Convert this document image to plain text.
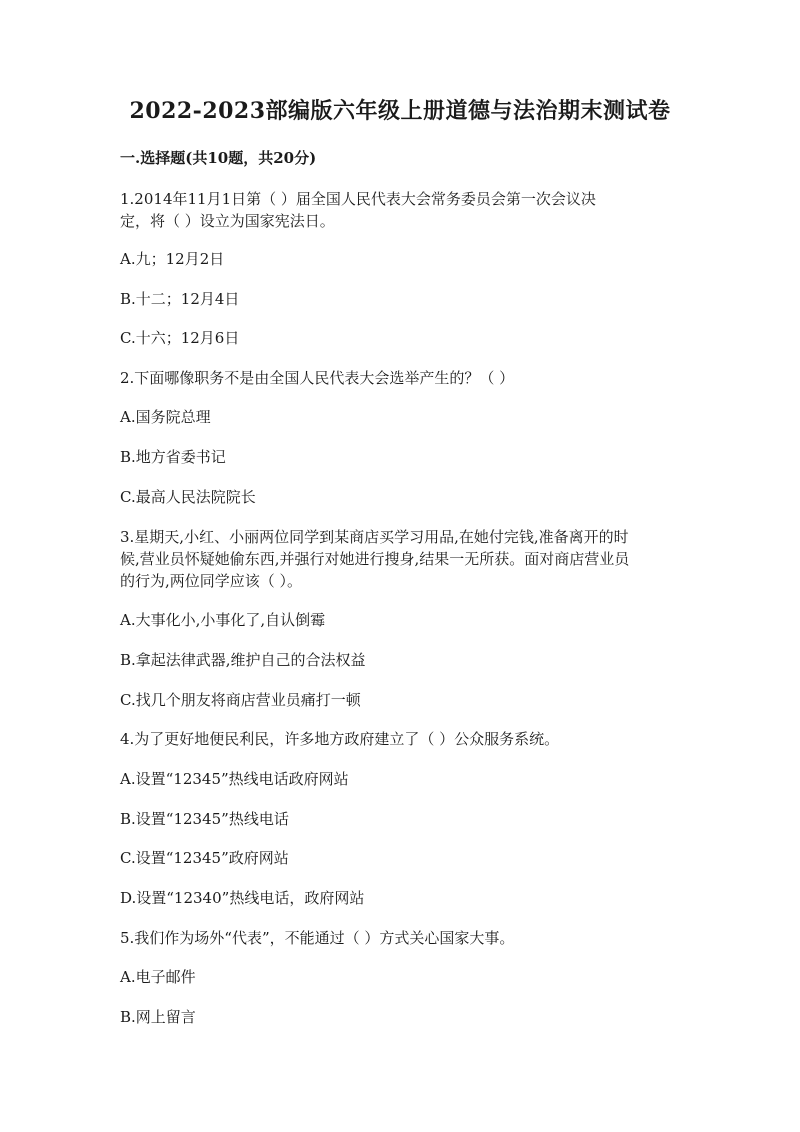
2022-2023部编版六年级上册道德与法治期末测试卷
一.选择题(共10题，共20分)
1.2014年11月1日第（ ）届全国人民代表大会常务委员会第一次会议决
定，将（ ）设立为国家宪法日。
A.九；12月2日
B.十二；12月4日
C.十六；12月6日
2.下面哪像职务不是由全国人民代表大会选举产生的？（ ）
A.国务院总理
B.地方省委书记
C.最高人民法院院长
3.星期天,小红、小丽两位同学到某商店买学习用品,在她付完钱,准备离开的时
候,营业员怀疑她偷东西,并强行对她进行搜身,结果一无所获。面对商店营业员
的行为,两位同学应该（ ）。
A.大事化小,小事化了,自认倒霉
B.拿起法律武器,维护自己的合法权益
C.找几个朋友将商店营业员痛打一顿
4.为了更好地便民利民，许多地方政府建立了（ ）公众服务系统。
A.设置“12345”热线电话政府网站
B.设置“12345”热线电话
C.设置“12345”政府网站
D.设置“12340”热线电话，政府网站
5.我们作为场外“代表”，不能通过（ ）方式关心国家大事。
A.电子邮件
B.网上留言
